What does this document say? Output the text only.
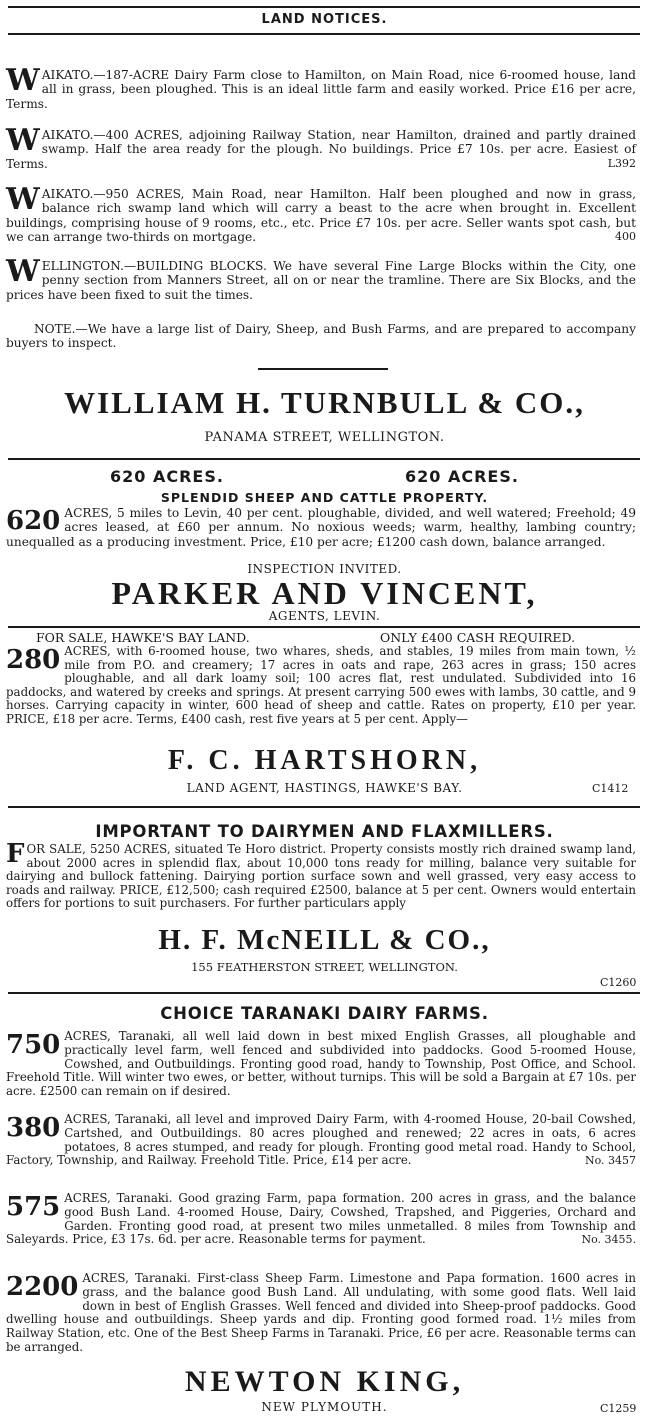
LAND NOTICES.
W AIKATO.—187-ACRE Dairy Farm close to Hamilton, on Main Road, nice 6-roomed house, land all in grass, been ploughed. This is an ideal little farm and easily worked. Price £16 per acre, Terms.

W AIKATO.—400 ACRES, adjoining Railway Station, near Hamilton, drained and partly drained swamp. Half the area ready for the plough. No buildings. Price £7 10s. per acre. Easiest of Terms.	L392

W AIKATO.—950 ACRES, Main Road, near Hamilton. Half been ploughed and now in grass, balance rich swamp land which will carry a beast to the acre when brought in. Excellent buildings, comprising house of 9 rooms, etc., etc. Price £7 10s. per acre. Seller wants spot cash, but we can arrange two-thirds on mortgage.	400

W ELLINGTON.—BUILDING BLOCKS. We have several Fine Large Blocks within the City, one penny section from Manners Street, all on or near the tramline. There are Six Blocks, and the prices have been fixed to suit the times.

NOTE.—We have a large list of Dairy, Sheep, and Bush Farms, and are prepared to accompany buyers to inspect.

WILLIAM H. TURNBULL & CO.,
PANAMA STREET, WELLINGTON.
620 ACRES.	620 ACRES.
SPLENDID SHEEP AND CATTLE PROPERTY.
620 ACRES, 5 miles to Levin, 40 per cent. ploughable, divided, and well watered; Freehold; 49 acres leased, at £60 per annum. No noxious weeds; warm, healthy, lambing country; unequalled as a producing investment. Price, £10 per acre; £1200 cash down, balance arranged.

INSPECTION INVITED.
PARKER AND VINCENT,
AGENTS, LEVIN.
FOR SALE, HAWKE'S BAY LAND.	ONLY £400 CASH REQUIRED.
280 ACRES, with 6-roomed house, two whares, sheds, and stables, 19 miles from main town, ½ mile from P.O. and creamery; 17 acres in oats and rape, 263 acres in grass; 150 acres ploughable, and all dark loamy soil; 100 acres flat, rest undulated. Subdivided into 16 paddocks, and watered by creeks and springs. At present carrying 500 ewes with lambs, 30 cattle, and 9 horses. Carrying capacity in winter, 600 head of sheep and cattle. Rates on property, £10 per year. PRICE, £18 per acre. Terms, £400 cash, rest five years at 5 per cent. Apply—

F. C. HARTSHORN,
LAND AGENT, HASTINGS, HAWKE'S BAY.	C1412
IMPORTANT TO DAIRYMEN AND FLAXMILLERS.
F OR SALE, 5250 ACRES, situated Te Horo district. Property consists mostly rich drained swamp land, about 2000 acres in splendid flax, about 10,000 tons ready for milling, balance very suitable for dairying and bullock fattening. Dairying portion surface sown and well grassed, very easy access to roads and railway. PRICE, £12,500; cash required £2500, balance at 5 per cent. Owners would entertain offers for portions to suit purchasers. For further particulars apply

H. F. McNEILL & CO.,
155 FEATHERSTON STREET, WELLINGTON.
C1260
CHOICE TARANAKI DAIRY FARMS.
750 ACRES, Taranaki, all well laid down in best mixed English Grasses, all ploughable and practically level farm, well fenced and subdivided into paddocks. Good 5-roomed House, Cowshed, and Outbuildings. Fronting good road, handy to Township, Post Office, and School. Freehold Title. Will winter two ewes, or better, without turnips. This will be sold a Bargain at £7 10s. per acre. £2500 can remain on if desired.

380 ACRES, Taranaki, all level and improved Dairy Farm, with 4-roomed House, 20-bail Cowshed, Cartshed, and Outbuildings. 80 acres ploughed and renewed; 22 acres in oats, 6 acres potatoes, 8 acres stumped, and ready for plough. Fronting good metal road. Handy to School, Factory, Township, and Railway. Freehold Title. Price, £14 per acre.	No. 3457

575 ACRES, Taranaki. Good grazing Farm, papa formation. 200 acres in grass, and the balance good Bush Land. 4-roomed House, Dairy, Cowshed, Trapshed, and Piggeries, Orchard and Garden. Fronting good road, at present two miles unmetalled. 8 miles from Township and Saleyards. Price, £3 17s. 6d. per acre. Reasonable terms for payment.	No. 3455.

2200 ACRES, Taranaki. First-class Sheep Farm. Limestone and Papa formation. 1600 acres in grass, and the balance good Bush Land. All undulating, with some good flats. Well laid down in best of English Grasses. Well fenced and divided into Sheep-proof paddocks. Good dwelling house and outbuildings. Sheep yards and dip. Fronting good formed road. 1½ miles from Railway Station, etc. One of the Best Sheep Farms in Taranaki. Price, £6 per acre. Reasonable terms can be arranged.

NEWTON KING,
NEW PLYMOUTH.	C1259
